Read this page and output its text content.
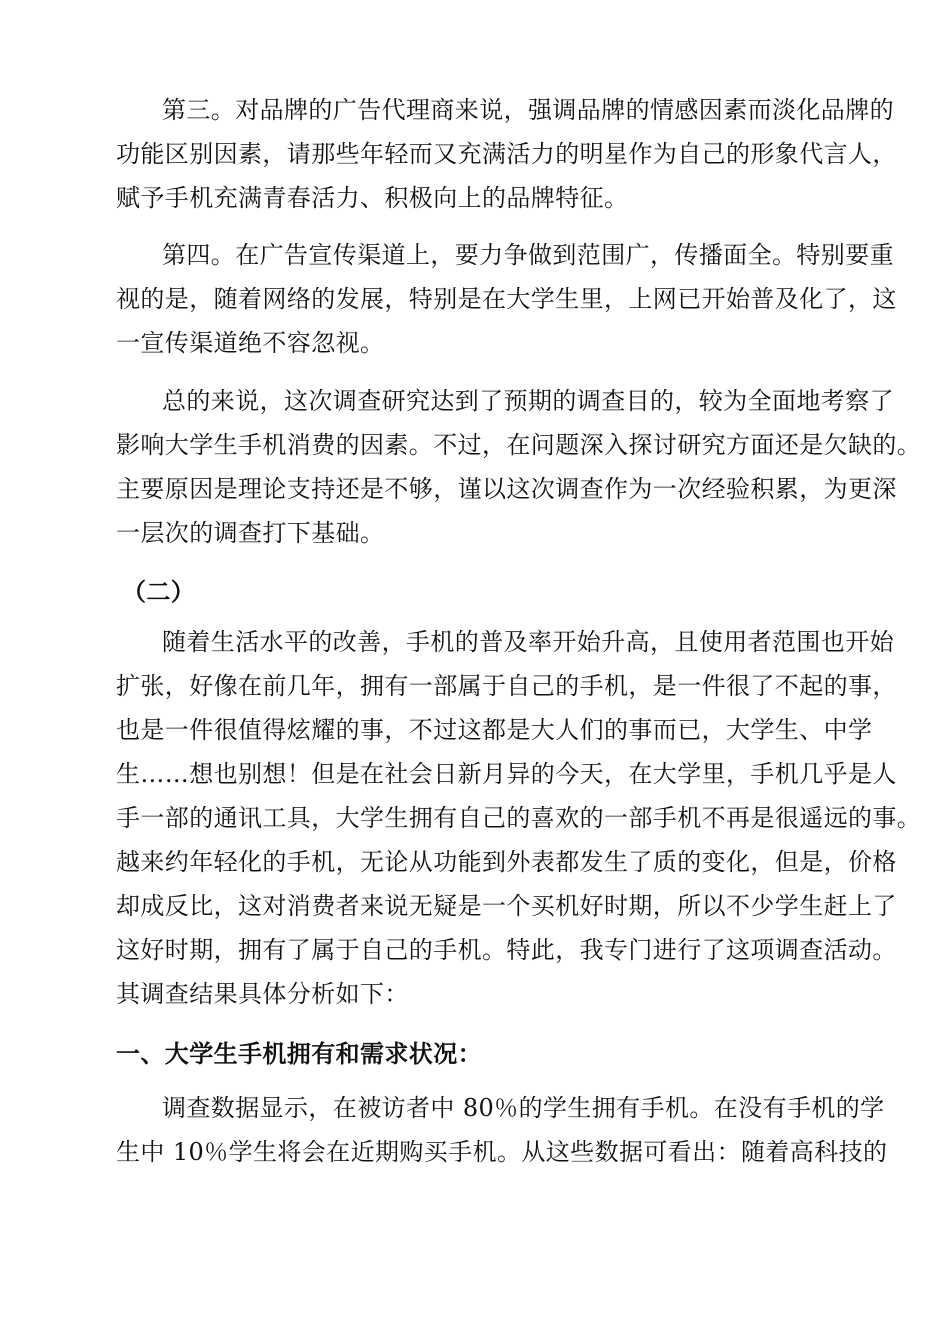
第三。对品牌的广告代理商来说，强调品牌的情感因素而淡化品牌的
功能区别因素，请那些年轻而又充满活力的明星作为自己的形象代言人，
赋予手机充满青春活力、积极向上的品牌特征。
第四。在广告宣传渠道上，要力争做到范围广，传播面全。特别要重
视的是，随着网络的发展，特别是在大学生里，上网已开始普及化了，这
一宣传渠道绝不容忽视。
总的来说，这次调查研究达到了预期的调查目的，较为全面地考察了
影响大学生手机消费的因素。不过，在问题深入探讨研究方面还是欠缺的。
主要原因是理论支持还是不够，谨以这次调查作为一次经验积累，为更深
一层次的调查打下基础。
（二）
随着生活水平的改善，手机的普及率开始升高，且使用者范围也开始
扩张，好像在前几年，拥有一部属于自己的手机，是一件很了不起的事，
也是一件很值得炫耀的事，不过这都是大人们的事而已，大学生、中学
生……想也别想！但是在社会日新月异的今天，在大学里，手机几乎是人
手一部的通讯工具，大学生拥有自己的喜欢的一部手机不再是很遥远的事。
越来约年轻化的手机，无论从功能到外表都发生了质的变化，但是，价格
却成反比，这对消费者来说无疑是一个买机好时期，所以不少学生赶上了
这好时期，拥有了属于自己的手机。特此，我专门进行了这项调查活动。
其调查结果具体分析如下：
一、大学生手机拥有和需求状况：
调查数据显示，在被访者中 80％的学生拥有手机。在没有手机的学
生中 10％学生将会在近期购买手机。从这些数据可看出：随着高科技的
